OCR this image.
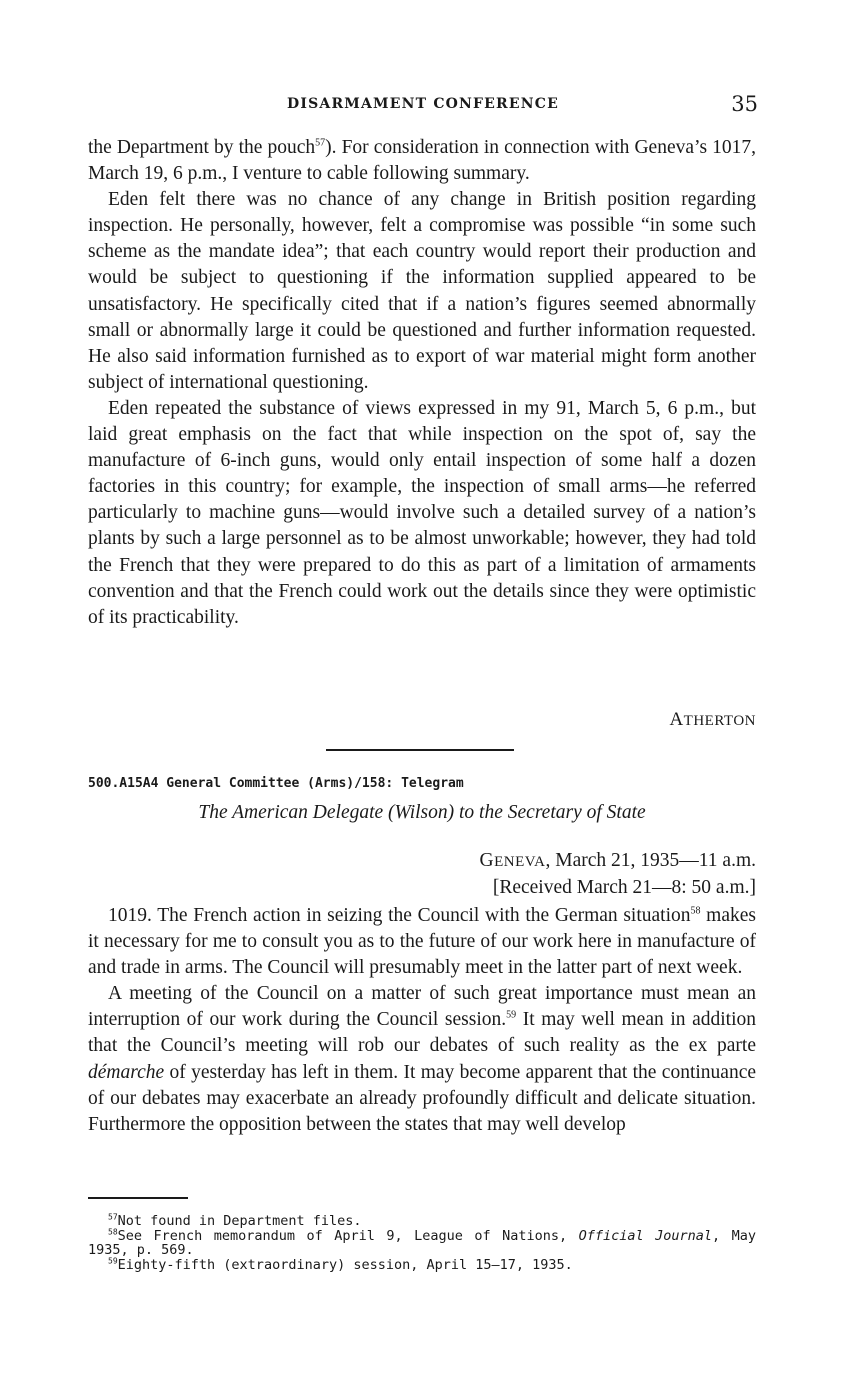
DISARMAMENT CONFERENCE	35

the Department by the pouch$^{57}$). For consideration in connection with Geneva’s 1017, March 19, 6 p.m., I venture to cable following summary.

Eden felt there was no chance of any change in British position regarding inspection. He personally, however, felt a compromise was possible “in some such scheme as the mandate idea”; that each country would report their production and would be subject to questioning if the information supplied appeared to be unsatisfactory. He specifically cited that if a nation’s figures seemed abnormally small or abnormally large it could be questioned and further information requested. He also said information furnished as to export of war material might form another subject of international questioning.

Eden repeated the substance of views expressed in my 91, March 5, 6 p.m., but laid great emphasis on the fact that while inspection on the spot of, say the manufacture of 6-inch guns, would only entail inspection of some half a dozen factories in this country; for example, the inspection of small arms—he referred particularly to machine guns—would involve such a detailed survey of a nation’s plants by such a large personnel as to be almost unworkable; however, they had told the French that they were prepared to do this as part of a limitation of armaments convention and that the French could work out the details since they were optimistic of its practicability.

ATHERTON
500.A15A4 General Committee (Arms)/158: Telegram
The American Delegate (Wilson) to the Secretary of State
GENEVA, March 21, 1935—11 a.m.
[Received March 21—8: 50 a.m.]

1019. The French action in seizing the Council with the German situation$^{58}$ makes it necessary for me to consult you as to the future of our work here in manufacture of and trade in arms. The Council will presumably meet in the latter part of next week.

A meeting of the Council on a matter of such great importance must mean an interruption of our work during the Council session.$^{59}$ It may well mean in addition that the Council’s meeting will rob our debates of such reality as the ex parte démarche of yesterday has left in them. It may become apparent that the continuance of our debates may exacerbate an already profoundly difficult and delicate situation. Furthermore the opposition between the states that may well develop

$^{57}$Not found in Department files.

$^{58}$See French memorandum of April 9, League of Nations, Official Journal, May 1935, p. 569.

$^{59}$Eighty-fifth (extraordinary) session, April 15–17, 1935.
